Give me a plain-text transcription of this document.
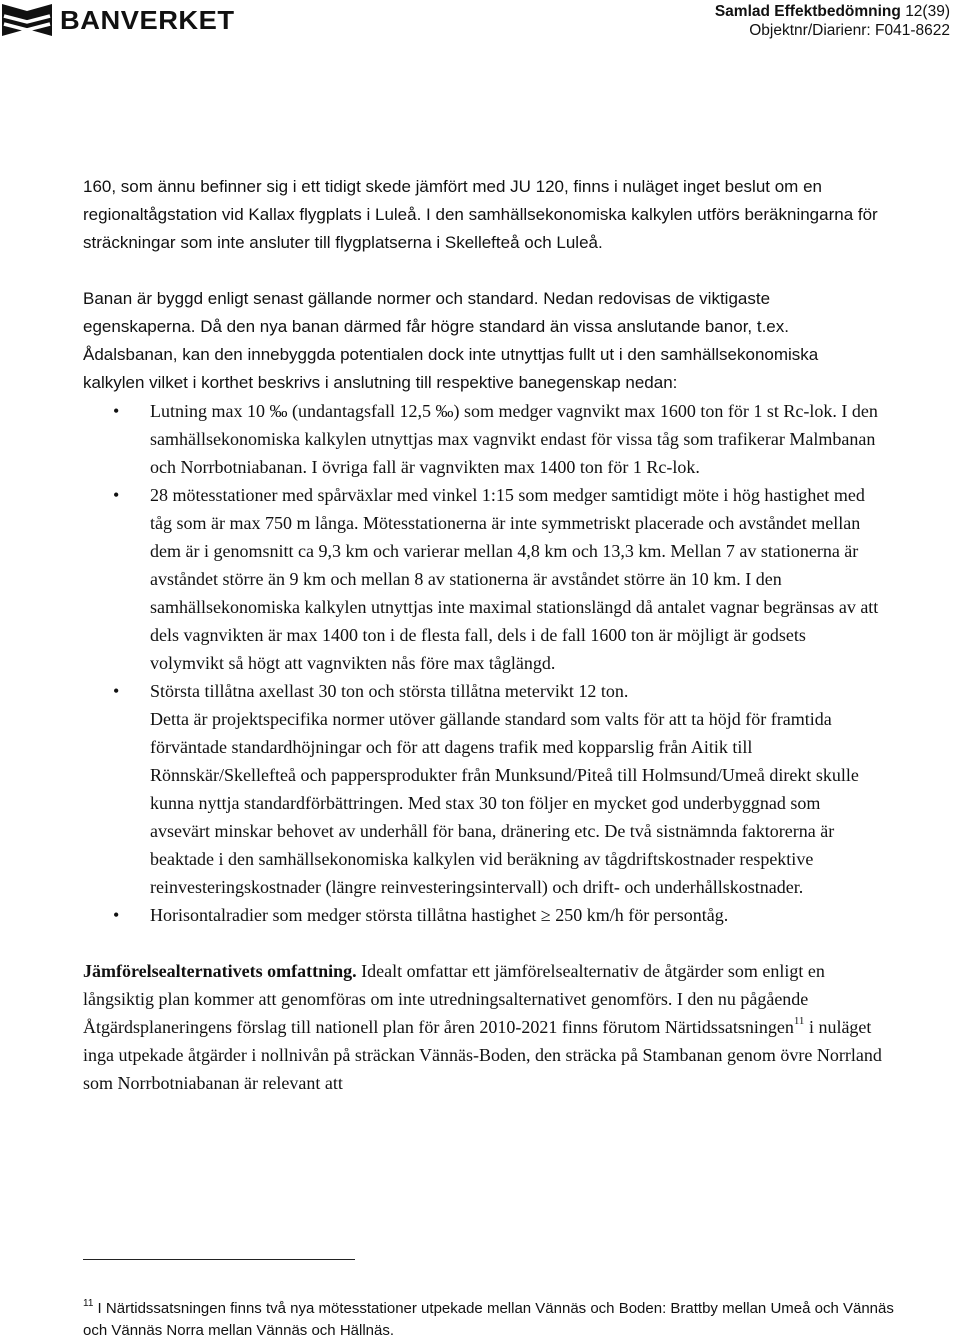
BANVERKET	Samlad Effektbedömning 12(39)
Objektnr/Diarienr: F041-8622

160, som ännu befinner sig i ett tidigt skede jämfört med JU 120, finns i nuläget inget beslut om en regionaltågstation vid Kallax flygplats i Luleå. I den samhällsekonomiska kalkylen utförs beräkningarna för sträckningar som inte ansluter till flygplatserna i Skellefteå och Luleå.

Banan är byggd enligt senast gällande normer och standard. Nedan redovisas de viktigaste egenskaperna. Då den nya banan därmed får högre standard än vissa anslutande banor, t.ex.

Ådalsbanan, kan den innebyggda potentialen dock inte utnyttjas fullt ut i den samhällsekonomiska kalkylen vilket i korthet beskrivs i anslutning till respektive banegenskap nedan:

• Lutning max 10 ‰ (undantagsfall 12,5 ‰) som medger vagnvikt max 1600 ton för 1 st Rc-lok. I den samhällsekonomiska kalkylen utnyttjas max vagnvikt endast för vissa tåg som trafikerar Malmbanan och Norrbotniabanan. I övriga fall är vagnvikten max 1400 ton för 1 Rc-lok.
• 28 mötesstationer med spårväxlar med vinkel 1:15 som medger samtidigt möte i hög hastighet med tåg som är max 750 m långa. Mötesstationerna är inte symmetriskt placerade och avståndet mellan dem är i genomsnitt ca 9,3 km och varierar mellan 4,8 km och 13,3 km. Mellan 7 av stationerna är avståndet större än 9 km och mellan 8 av stationerna är avståndet större än 10 km. I den samhällsekonomiska kalkylen utnyttjas inte maximal stationslängd då antalet vagnar begränsas av att dels vagnvikten är max 1400 ton i de flesta fall, dels i de fall 1600 ton är möjligt är godsets volymvikt så högt att vagnvikten nås före max tåglängd.
• Största tillåtna axellast 30 ton och största tillåtna metervikt 12 ton.
Detta är projektspecifika normer utöver gällande standard som valts för att ta höjd för framtida förväntade standardhöjningar och för att dagens trafik med kopparslig från Aitik till Rönnskär/Skellefteå och pappersprodukter från Munksund/Piteå till Holmsund/Umeå direkt skulle kunna nyttja standardförbättringen. Med stax 30 ton följer en mycket god underbyggnad som avsevärt minskar behovet av underhåll för bana, dränering etc. De två sistnämnda faktorerna är beaktade i den samhällsekonomiska kalkylen vid beräkning av tågdriftskostnader respektive reinvesteringskostnader (längre reinvesteringsintervall) och drift- och underhållskostnader.
• Horisontalradier som medger största tillåtna hastighet ≥ 250 km/h för persontåg.

Jämförelsealternativets omfattning. Idealt omfattar ett jämförelsealternativ de åtgärder som enligt en långsiktig plan kommer att genomföras om inte utredningsalternativet genomförs. I den nu pågående Åtgärdsplaneringens förslag till nationell plan för åren 2010-2021 finns förutom Närtidssatsningen$^{11}$ i nuläget inga utpekade åtgärder i nollnivån på sträckan Vännäs-Boden, den sträcka på Stambanan genom övre Norrland som Norrbotniabanan är relevant att

$^{11}$ I Närtidssatsningen finns två nya mötesstationer utpekade mellan Vännäs och Boden: Brattby mellan Umeå och Vännäs och Vännäs Norra mellan Vännäs och Hällnäs.
